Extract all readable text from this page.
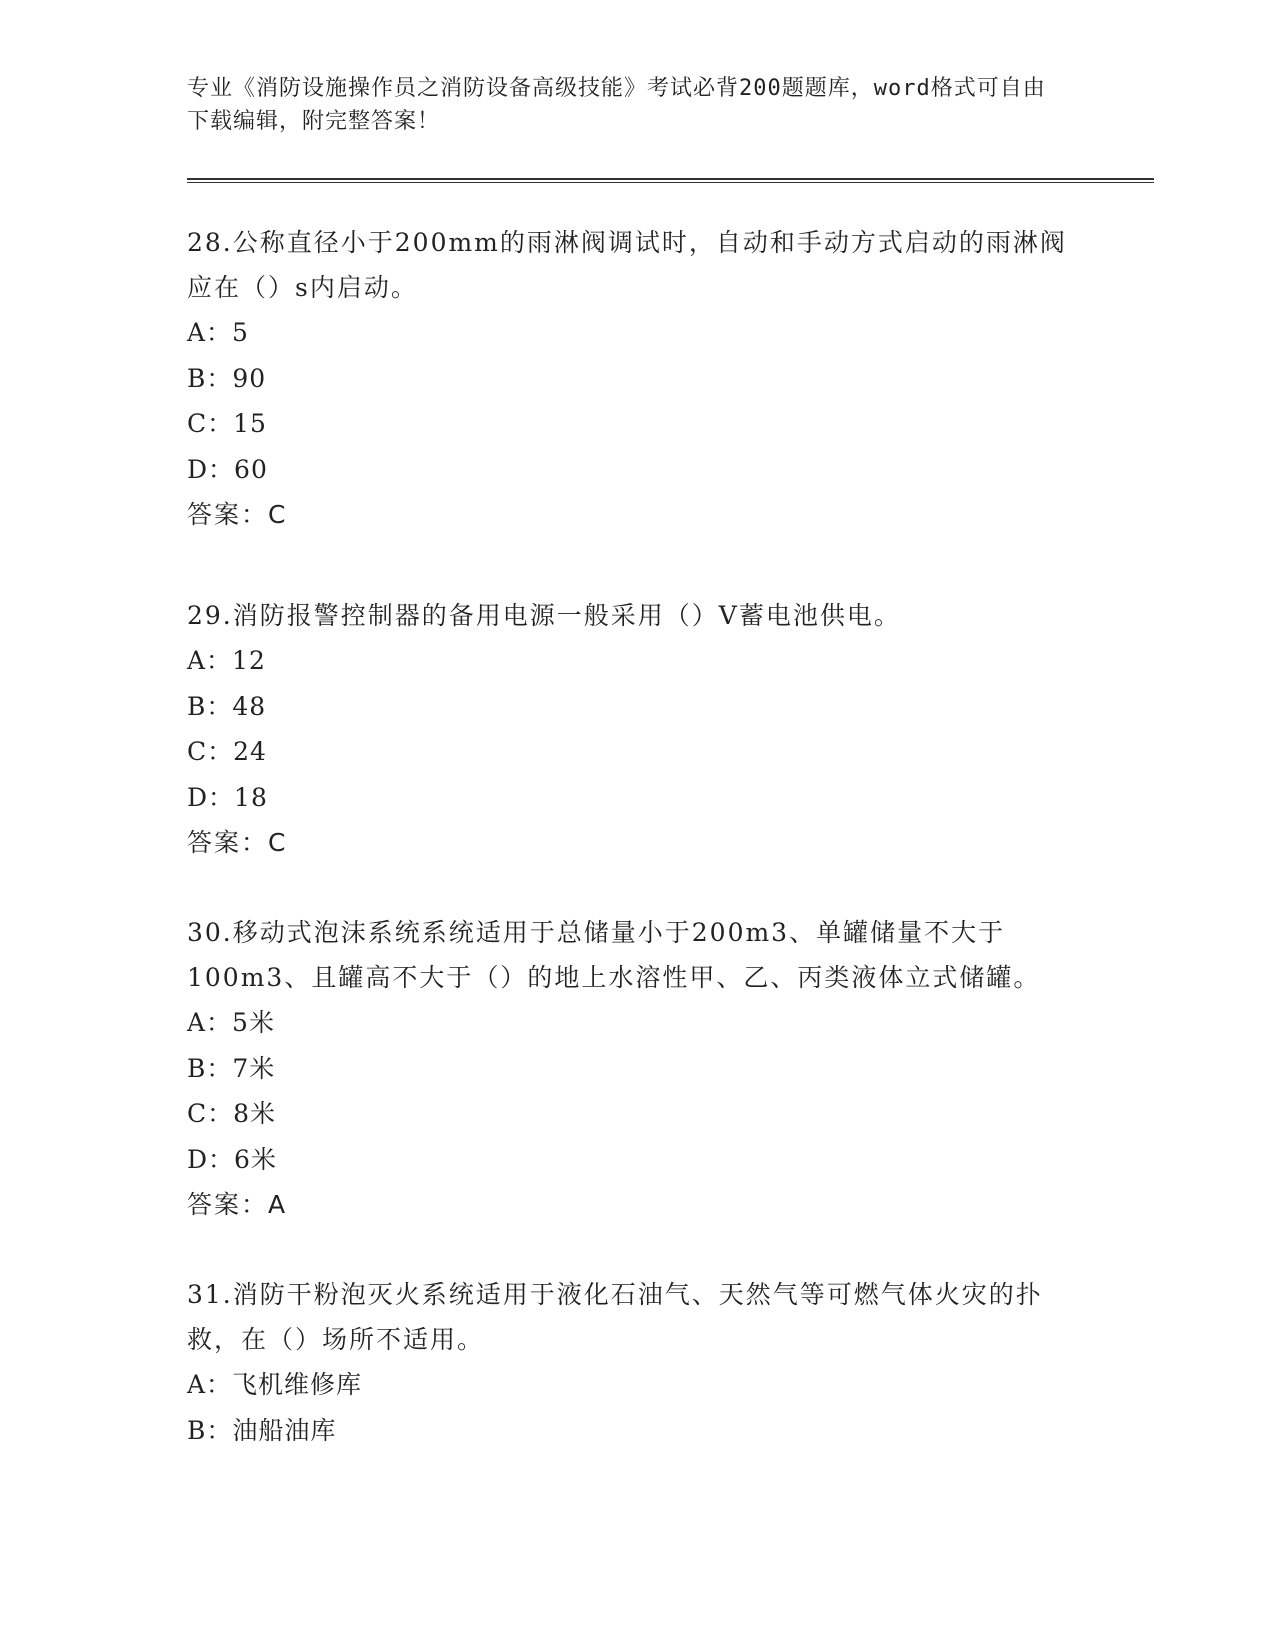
专业《消防设施操作员之消防设备高级技能》考试必背200题题库，word格式可自由下载编辑，附完整答案！
28.公称直径小于200mm的雨淋阀调试时，自动和手动方式启动的雨淋阀应在（）s内启动。
A：5
B：90
C：15
D：60
答案：C
29.消防报警控制器的备用电源一般采用（）V蓄电池供电。
A：12
B：48
C：24
D：18
答案：C
30.移动式泡沫系统系统适用于总储量小于200m3、单罐储量不大于100m3、且罐高不大于（）的地上水溶性甲、乙、丙类液体立式储罐。
A：5米
B：7米
C：8米
D：6米
答案：A
31.消防干粉泡灭火系统适用于液化石油气、天然气等可燃气体火灾的扑救，在（）场所不适用。
A：飞机维修库
B：油船油库
